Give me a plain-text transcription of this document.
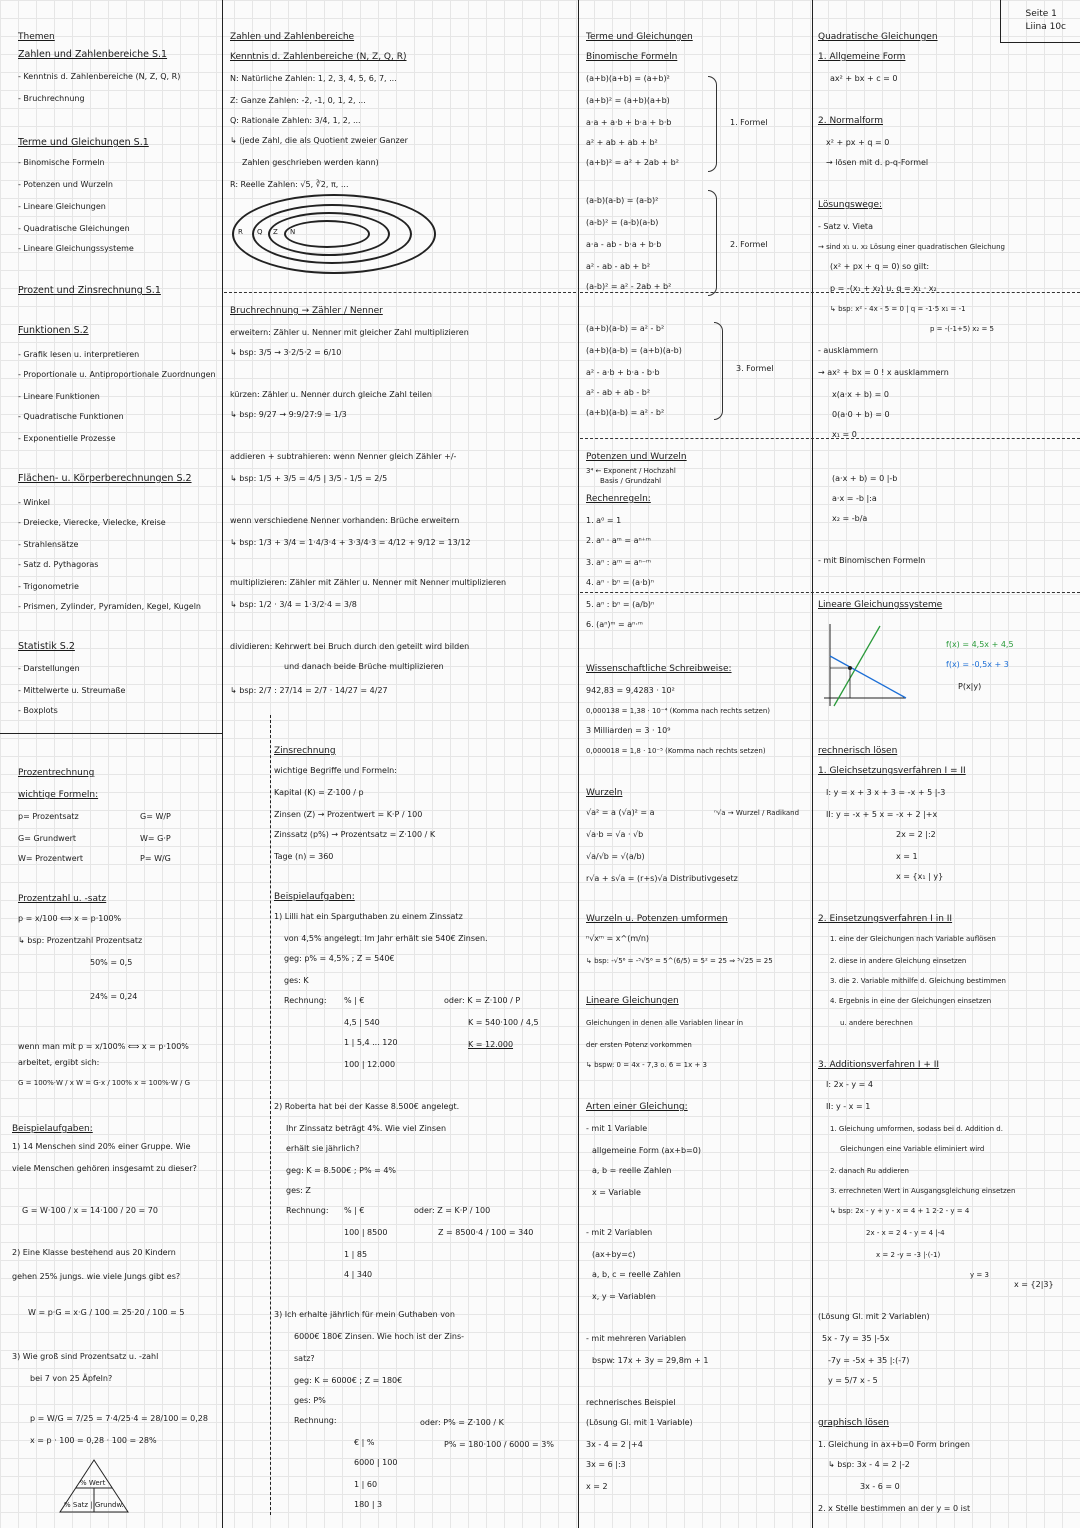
Seite 1
Liina 10c
Themen
Zahlen und Zahlenbereiche S.1
- Kenntnis d. Zahlenbereiche (N, Z, Q, R)
- Bruchrechnung
Terme und Gleichungen S.1
- Binomische Formeln
- Potenzen und Wurzeln
- Lineare Gleichungen
- Quadratische Gleichungen
- Lineare Gleichungssysteme
Prozent und Zinsrechnung S.1
Funktionen S.2
- Grafik lesen u. interpretieren
- Proportionale u. Antiproportionale Zuordnungen
- Lineare Funktionen
- Quadratische Funktionen
- Exponentielle Prozesse
Flächen- u. Körperberechnungen S.2
- Winkel
- Dreiecke, Vierecke, Vielecke, Kreise
- Strahlensätze
- Satz d. Pythagoras
- Trigonometrie
- Prismen, Zylinder, Pyramiden, Kegel, Kugeln
Statistik S.2
- Darstellungen
- Mittelwerte u. Streumaße
- Boxplots
Prozentrechnung
wichtige Formeln:
p= Prozentsatz
G= Grundwert
W= Prozentwert
G= W/P
W= G·P
P= W/G
Prozentzahl u. -satz
p = x/100 ⟺ x = p·100%
↳ bsp: Prozentzahl Prozentsatz
50% = 0,5
24% = 0,24
wenn man mit p = x/100% ⟺ x = p·100%
arbeitet, ergibt sich:
G = 100%·W / x W = G·x / 100% x = 100%·W / G
Beispielaufgaben:
1) 14 Menschen sind 20% einer Gruppe. Wie
viele Menschen gehören insgesamt zu dieser?
G = W·100 / x = 14·100 / 20 = 70
2) Eine Klasse bestehend aus 20 Kindern
gehen 25% jungs. wie viele Jungs gibt es?
W = p·G = x·G / 100 = 25·20 / 100 = 5
3) Wie groß sind Prozentsatz u. -zahl
bei 7 von 25 Äpfeln?
p = W/G = 7/25 = 7·4/25·4 = 28/100 = 0,28
x = p · 100 = 0,28 · 100 = 28%
% Wert
% Satz | Grundw.
Zahlen und Zahlenbereiche
Kenntnis d. Zahlenbereiche (N, Z, Q, R)
N: Natürliche Zahlen: 1, 2, 3, 4, 5, 6, 7, ...
Z: Ganze Zahlen: -2, -1, 0, 1, 2, ...
Q: Rationale Zahlen: 3/4, 1, 2, ...
↳ (jede Zahl, die als Quotient zweier Ganzer
Zahlen geschrieben werden kann)
R: Reelle Zahlen: √5, ∛2, π, ...
R Q Z N
Bruchrechnung → Zähler / Nenner
erweitern: Zähler u. Nenner mit gleicher Zahl multiplizieren
↳ bsp: 3/5 → 3·2/5·2 = 6/10
kürzen: Zähler u. Nenner durch gleiche Zahl teilen
↳ bsp: 9/27 → 9:9/27:9 = 1/3
addieren + subtrahieren: wenn Nenner gleich Zähler +/-
↳ bsp: 1/5 + 3/5 = 4/5 | 3/5 - 1/5 = 2/5
wenn verschiedene Nenner vorhanden: Brüche erweitern
↳ bsp: 1/3 + 3/4 = 1·4/3·4 + 3·3/4·3 = 4/12 + 9/12 = 13/12
multiplizieren: Zähler mit Zähler u. Nenner mit Nenner multiplizieren
↳ bsp: 1/2 · 3/4 = 1·3/2·4 = 3/8
dividieren: Kehrwert bei Bruch durch den geteilt wird bilden
und danach beide Brüche multiplizieren
↳ bsp: 2/7 : 27/14 = 2/7 · 14/27 = 4/27
Zinsrechnung
wichtige Begriffe und Formeln:
Kapital (K) = Z·100 / p
Zinsen (Z) → Prozentwert = K·P / 100
Zinssatz (p%) → Prozentsatz = Z·100 / K
Tage (n) = 360
Beispielaufgaben:
1) Lilli hat ein Sparguthaben zu einem Zinssatz
von 4,5% angelegt. Im Jahr erhält sie 540€ Zinsen.
geg: p% = 4,5% ; Z = 540€
ges: K
Rechnung: % | €
4,5 | 540
1 | 5,4 ... 120
100 | 12.000
oder: K = Z·100 / P
K = 540·100 / 4,5
K = 12.000
2) Roberta hat bei der Kasse 8.500€ angelegt.
Ihr Zinssatz beträgt 4%. Wie viel Zinsen
erhält sie jährlich?
geg: K = 8.500€ ; P% = 4%
ges: Z
Rechnung: % | €
100 | 8500
1 | 85
4 | 340
oder: Z = K·P / 100
Z = 8500·4 / 100 = 340
3) Ich erhalte jährlich für mein Guthaben von
6000€ 180€ Zinsen. Wie hoch ist der Zins-
satz?
geg: K = 6000€ ; Z = 180€
ges: P%
Rechnung:
€ | %
6000 | 100
1 | 60
180 | 3
oder: P% = Z·100 / K
P% = 180·100 / 6000 = 3%
Terme und Gleichungen
Binomische Formeln
(a+b)(a+b) = (a+b)²
(a+b)² = (a+b)(a+b)
a·a + a·b + b·a + b·b
a² + ab + ab + b²
(a+b)² = a² + 2ab + b²
1. Formel
(a-b)(a-b) = (a-b)²
(a-b)² = (a-b)(a-b)
a·a - ab - b·a + b·b
a² - ab - ab + b²
(a-b)² = a² - 2ab + b²
2. Formel
(a+b)(a-b) = a² - b²
(a+b)(a-b) = (a+b)(a-b)
a² - a·b + b·a - b·b
a² - ab + ab - b²
(a+b)(a-b) = a² - b²
3. Formel
Potenzen und Wurzeln
3⁴ ← Exponent / Hochzahl
Basis / Grundzahl
Rechenregeln:
1. a⁰ = 1
2. aⁿ · aᵐ = aⁿ⁺ᵐ
3. aⁿ : aᵐ = aⁿ⁻ᵐ
4. aⁿ · bⁿ = (a·b)ⁿ
5. aⁿ : bⁿ = (a/b)ⁿ
6. (aⁿ)ᵐ = aⁿ·ᵐ
Wissenschaftliche Schreibweise:
942,83 = 9,4283 · 10²
0,000138 = 1,38 · 10⁻⁴ (Komma nach rechts setzen)
3 Milliarden = 3 · 10⁹
0,000018 = 1,8 · 10⁻⁵ (Komma nach rechts setzen)
Wurzeln
√a² = a (√a)² = a
√a·b = √a · √b
√a/√b = √(a/b)
r√a + s√a = (r+s)√a Distributivgesetz
ⁿ√a → Wurzel / Radikand
Wurzeln u. Potenzen umformen
ⁿ√xᵐ = x^(m/n)
↳ bsp: -√5⁶ = -⁵√5⁶ = 5^(6/5) = 5² = 25 ⇒ ⁵√25 = 25
Lineare Gleichungen
Gleichungen in denen alle Variablen linear in
der ersten Potenz vorkommen
↳ bspw: 0 = 4x - 7,3 o. 6 = 1x + 3
Arten einer Gleichung:
- mit 1 Variable
allgemeine Form (ax+b=0)
a, b = reelle Zahlen
x = Variable
- mit 2 Variablen
(ax+by=c)
a, b, c = reelle Zahlen
x, y = Variablen
- mit mehreren Variablen
bspw: 17x + 3y = 29,8m + 1
rechnerisches Beispiel
(Lösung Gl. mit 1 Variable)
3x - 4 = 2 |+4
3x = 6 |:3
x = 2
Quadratische Gleichungen
1. Allgemeine Form
ax² + bx + c = 0
2. Normalform
x² + px + q = 0
→ lösen mit d. p-q-Formel
Lösungswege:
- Satz v. Vieta
→ sind x₁ u. x₂ Lösung einer quadratischen Gleichung
(x² + px + q = 0) so gilt:
p = -(x₁ + x₂) u. q = x₁ · x₂
↳ bsp: x² - 4x - 5 = 0 | q = -1·5 x₁ = -1
p = -(-1+5) x₂ = 5
- ausklammern
→ ax² + bx = 0 ! x ausklammern
x(a·x + b) = 0
0(a·0 + b) = 0
x₁ = 0
(a·x + b) = 0 |-b
a·x = -b |:a
x₂ = -b/a
- mit Binomischen Formeln
Lineare Gleichungssysteme
f(x) = 4,5x + 4,5
f(x) = -0,5x + 3
P(x|y)
rechnerisch lösen
1. Gleichsetzungsverfahren I = II
I: y = x + 3 x + 3 = -x + 5 |-3
II: y = -x + 5 x = -x + 2 |+x
2x = 2 |:2
x = 1
x = {x₁ | y}
2. Einsetzungsverfahren I in II
1. eine der Gleichungen nach Variable auflösen
2. diese in andere Gleichung einsetzen
3. die 2. Variable mithilfe d. Gleichung bestimmen
4. Ergebnis in eine der Gleichungen einsetzen
u. andere berechnen
3. Additionsverfahren I + II
I: 2x - y = 4
II: y - x = 1
1. Gleichung umformen, sodass bei d. Addition d.
Gleichungen eine Variable eliminiert wird
2. danach Ru addieren
3. errechneten Wert in Ausgangsgleichung einsetzen
↳ bsp: 2x - y + y - x = 4 + 1 2·2 - y = 4
2x - x = 2 4 - y = 4 |-4
x = 2 -y = -3 |·(-1)
y = 3
x = {2|3}
(Lösung Gl. mit 2 Variablen)
5x - 7y = 35 |-5x
-7y = -5x + 35 |:(-7)
y = 5/7 x - 5
graphisch lösen
1. Gleichung in ax+b=0 Form bringen
↳ bsp: 3x - 4 = 2 |-2
3x - 6 = 0
2. x Stelle bestimmen an der y = 0 ist
